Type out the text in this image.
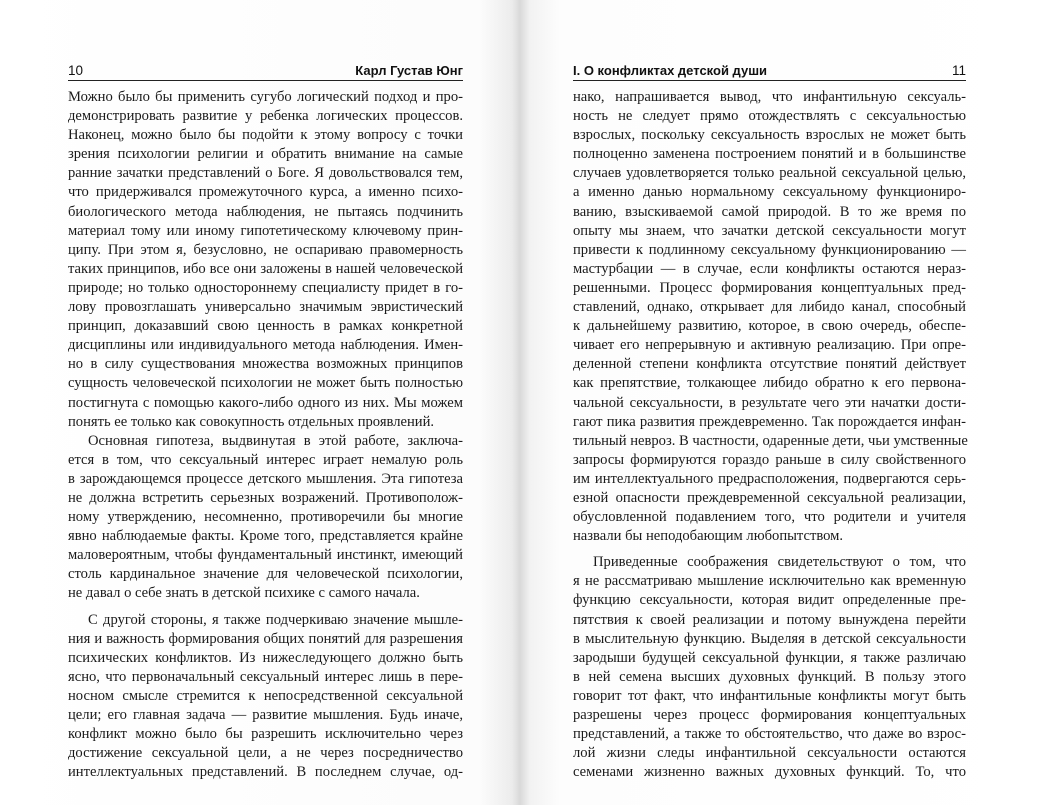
10	Карл Густав Юнг
Можно было бы применить сугубо логический подход и про-
демонстрировать развитие у ребенка логических процессов.
Наконец, можно было бы подойти к этому вопросу с точки
зрения психологии религии и обратить внимание на самые
ранние зачатки представлений о Боге. Я довольствовался тем,
что придерживался промежуточного курса, а именно психо-
биологического метода наблюдения, не пытаясь подчинить
материал тому или иному гипотетическому ключевому прин-
ципу. При этом я, безусловно, не оспариваю правомерность
таких принципов, ибо все они заложены в нашей человеческой
природе; но только одностороннему специалисту придет в го-
лову провозглашать универсально значимым эвристический
принцип, доказавший свою ценность в рамках конкретной
дисциплины или индивидуального метода наблюдения. Имен-
но в силу существования множества возможных принципов
сущность человеческой психологии не может быть полностью
постигнута с помощью какого-либо одного из них. Мы можем
понять ее только как совокупность отдельных проявлений.
Основная гипотеза, выдвинутая в этой работе, заключа-
ется в том, что сексуальный интерес играет немалую роль
в зарождающемся процессе детского мышления. Эта гипотеза
не должна встретить серьезных возражений. Противополож-
ному утверждению, несомненно, противоречили бы многие
явно наблюдаемые факты. Кроме того, представляется крайне
маловероятным, чтобы фундаментальный инстинкт, имеющий
столь кардинальное значение для человеческой психологии,
не давал о себе знать в детской психике с самого начала.
С другой стороны, я также подчеркиваю значение мышле-
ния и важность формирования общих понятий для разрешения
психических конфликтов. Из нижеследующего должно быть
ясно, что первоначальный сексуальный интерес лишь в пере-
носном смысле стремится к непосредственной сексуальной
цели; его главная задача — развитие мышления. Будь иначе,
конфликт можно было бы разрешить исключительно через
достижение сексуальной цели, а не через посредничество
интеллектуальных представлений. В последнем случае, од-
I. О конфликтах детской души	11
нако, напрашивается вывод, что инфантильную сексуаль-
ность не следует прямо отождествлять с сексуальностью
взрослых, поскольку сексуальность взрослых не может быть
полноценно заменена построением понятий и в большинстве
случаев удовлетворяется только реальной сексуальной целью,
а именно данью нормальному сексуальному функциониро-
ванию, взыскиваемой самой природой. В то же время по
опыту мы знаем, что зачатки детской сексуальности могут
привести к подлинному сексуальному функционированию —
мастурбации — в случае, если конфликты остаются нераз-
решенными. Процесс формирования концептуальных пред-
ставлений, однако, открывает для либидо канал, способный
к дальнейшему развитию, которое, в свою очередь, обеспе-
чивает его непрерывную и активную реализацию. При опре-
деленной степени конфликта отсутствие понятий действует
как препятствие, толкающее либидо обратно к его первона-
чальной сексуальности, в результате чего эти начатки дости-
гают пика развития преждевременно. Так порождается инфан-
тильный невроз. В частности, одаренные дети, чьи умственные
запросы формируются гораздо раньше в силу свойственного
им интеллектуального предрасположения, подвергаются серь-
езной опасности преждевременной сексуальной реализации,
обусловленной подавлением того, что родители и учителя
назвали бы неподобающим любопытством.
Приведенные соображения свидетельствуют о том, что
я не рассматриваю мышление исключительно как временную
функцию сексуальности, которая видит определенные пре-
пятствия к своей реализации и потому вынуждена перейти
в мыслительную функцию. Выделяя в детской сексуальности
зародыши будущей сексуальной функции, я также различаю
в ней семена высших духовных функций. В пользу этого
говорит тот факт, что инфантильные конфликты могут быть
разрешены через процесс формирования концептуальных
представлений, а также то обстоятельство, что даже во взрос-
лой жизни следы инфантильной сексуальности остаются
семенами жизненно важных духовных функций. То, что
